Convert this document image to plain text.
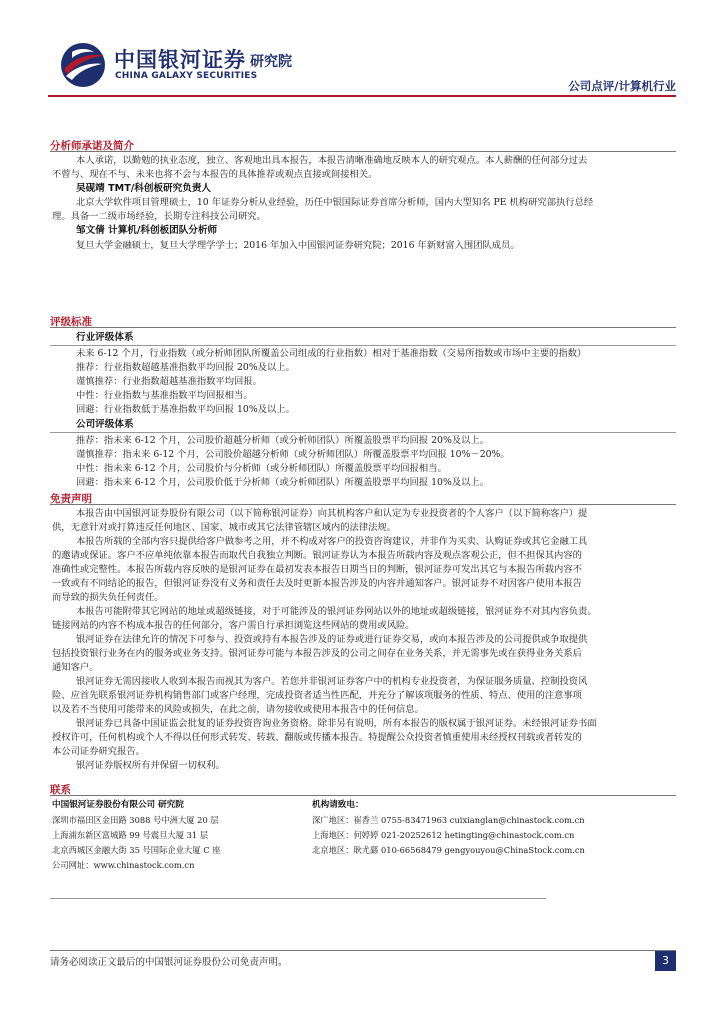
中国银河证券
CHINA GALAXY SECURITIES
研究院
公司点评/计算机行业
分析师承诺及简介
本人承诺，以勤勉的执业态度，独立、客观地出具本报告，本报告清晰准确地反映本人的研究观点。本人薪酬的任何部分过去
不曾与、现在不与、未来也将不会与本报告的具体推荐或观点直接或间接相关。
吴砚靖 TMT/科创板研究负责人
北京大学软件项目管理硕士，10 年证券分析从业经验，历任中银国际证券首席分析师，国内大型知名 PE 机构研究部执行总经
理。具备一二级市场经验，长期专注科技公司研究。
邹文倩 计算机/科创板团队分析师
复旦大学金融硕士，复旦大学理学学士；2016 年加入中国银河证券研究院；2016 年新财富入围团队成员。
评级标准
行业评级体系
未来 6-12 个月，行业指数（或分析师团队所覆盖公司组成的行业指数）相对于基准指数（交易所指数或市场中主要的指数）
推荐：行业指数超越基准指数平均回报 20%及以上。
谨慎推荐：行业指数超越基准指数平均回报。
中性：行业指数与基准指数平均回报相当。
回避：行业指数低于基准指数平均回报 10%及以上。
公司评级体系
推荐：指未来 6-12 个月，公司股价超越分析师（或分析师团队）所覆盖股票平均回报 20%及以上。
谨慎推荐：指未来 6-12 个月，公司股价超越分析师（或分析师团队）所覆盖股票平均回报 10%－20%。
中性：指未来 6-12 个月，公司股价与分析师（或分析师团队）所覆盖股票平均回报相当。
回避：指未来 6-12 个月，公司股价低于分析师（或分析师团队）所覆盖股票平均回报 10%及以上。
免责声明
本报告由中国银河证券股份有限公司（以下简称银河证券）向其机构客户和认定为专业投资者的个人客户（以下简称客户）提
供，无意针对或打算违反任何地区、国家、城市或其它法律管辖区域内的法律法规。
本报告所载的全部内容只提供给客户做参考之用，并不构成对客户的投资咨询建议，并非作为买卖、认购证券或其它金融工具
的邀请或保证。客户不应单纯依靠本报告而取代自我独立判断。银河证券认为本报告所载内容及观点客观公正，但不担保其内容的
准确性或完整性。本报告所载内容反映的是银河证券在最初发表本报告日期当日的判断，银河证券可发出其它与本报告所载内容不
一致或有不同结论的报告，但银河证券没有义务和责任去及时更新本报告涉及的内容并通知客户。银河证券不对因客户使用本报告
而导致的损失负任何责任。
本报告可能附带其它网站的地址或超级链接，对于可能涉及的银河证券网站以外的地址或超级链接，银河证券不对其内容负责。
链接网站的内容不构成本报告的任何部分，客户需自行承担浏览这些网站的费用或风险。
银河证券在法律允许的情况下可参与、投资或持有本报告涉及的证券或进行证券交易，或向本报告涉及的公司提供或争取提供
包括投资银行业务在内的服务或业务支持。银河证券可能与本报告涉及的公司之间存在业务关系，并无需事先或在获得业务关系后
通知客户。
银河证券无需因接收人收到本报告而视其为客户。若您并非银河证券客户中的机构专业投资者，为保证服务质量、控制投资风
险、应首先联系银河证券机构销售部门或客户经理，完成投资者适当性匹配，并充分了解该项服务的性质、特点、使用的注意事项
以及若不当使用可能带来的风险或损失，在此之前，请勿接收或使用本报告中的任何信息。
银河证券已具备中国证监会批复的证券投资咨询业务资格。除非另有说明，所有本报告的版权属于银河证券。未经银河证券书面
授权许可，任何机构或个人不得以任何形式转发、转载、翻版或传播本报告。特提醒公众投资者慎重使用未经授权刊载或者转发的
本公司证券研究报告。
银河证券版权所有并保留一切权利。
联系
中国银河证券股份有限公司 研究院
深圳市福田区金田路 3088 号中洲大厦 20 层
上海浦东新区富城路 99 号震旦大厦 31 层
北京西城区金融大街 35 号国际企业大厦 C 座
公司网址：www.chinastock.com.cn
机构请致电：
深广地区：崔香兰 0755-83471963 cuixianglan@chinastock.com.cn
上海地区：何婷婷 021-20252612 hetingting@chinastock.com.cn
北京地区：耿尤繇 010-66568479 gengyouyou@ChinaStock.com.cn
请务必阅读正文最后的中国银河证券股份公司免责声明。	3
